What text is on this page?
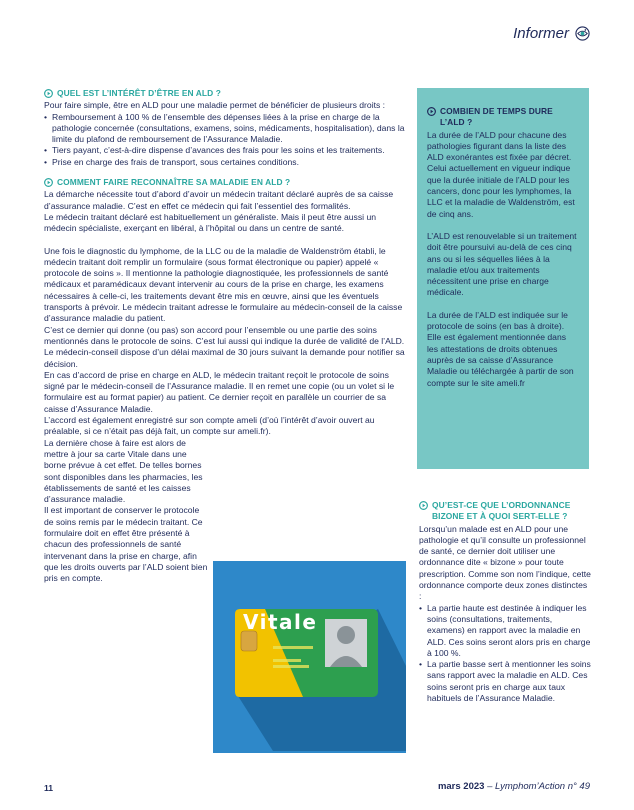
Informer
QUEL EST L’INTÉRÊT D’ÊTRE EN ALD ?

Pour faire simple, être en ALD pour une maladie permet de bénéficier de plusieurs droits :

• Remboursement à 100 % de l’ensemble des dépenses liées à la prise en charge de la pathologie concernée (consultations, examens, soins, médicaments, hospitalisation), dans la limite du plafond de remboursement de l’Assurance Maladie.
• Tiers payant, c’est-à-dire dispense d’avances des frais pour les soins et les traitements.
• Prise en charge des frais de transport, sous certaines conditions.
COMMENT FAIRE RECONNAÎTRE SA MALADIE EN ALD ?

La démarche nécessite tout d’abord d’avoir un médecin traitant déclaré auprès de sa caisse d’assurance maladie. C’est en effet ce médecin qui fait l’essentiel des formalités.

Le médecin traitant déclaré est habituellement un généraliste. Mais il peut être aussi un médecin spécialiste, exerçant en libéral, à l’hôpital ou dans un centre de santé.

Une fois le diagnostic du lymphome, de la LLC ou de la maladie de Waldenström établi, le médecin traitant doit remplir un formulaire (sous format électronique ou papier) appelé « protocole de soins ». Il mentionne la pathologie diagnostiquée, les professionnels de santé médicaux et paramédicaux devant intervenir au cours de la prise en charge, les examens nécessaires à celle-ci, les traitements devant être mis en œuvre, ainsi que les éventuels transports à prévoir. Le médecin traitant adresse le formulaire au médecin-conseil de la caisse d’assurance maladie du patient.

C’est ce dernier qui donne (ou pas) son accord pour l’ensemble ou une partie des soins mentionnés dans le protocole de soins. C’est lui aussi qui indique la durée de validité de l’ALD. Le médecin-conseil dispose d’un délai maximal de 30 jours suivant la demande pour notifier sa décision.

En cas d’accord de prise en charge en ALD, le médecin traitant reçoit le protocole de soins signé par le médecin-conseil de l’Assurance maladie. Il en remet une copie (ou un volet si le formulaire est au format papier) au patient. Ce dernier reçoit en parallèle un courrier de sa caisse d’Assurance Maladie.

L’accord est également enregistré sur son compte ameli (d’où l’intérêt d’avoir ouvert au préalable, si ce n’était pas déjà fait, un compte sur ameli.fr).

La dernière chose à faire est alors de mettre à jour sa carte Vitale dans une borne prévue à cet effet. De telles bornes sont disponibles dans les pharmacies, les établissements de santé et les caisses d’assurance maladie.

Il est important de conserver le protocole de soins remis par le médecin traitant. Ce formulaire doit en effet être présenté à chacun des professionnels de santé intervenant dans la prise en charge, afin que les droits ouverts par l’ALD soient bien pris en compte.

Vitale
COMBIEN DE TEMPS DURE L’ALD ?

La durée de l’ALD pour chacune des pathologies figurant dans la liste des ALD exonérantes est fixée par décret. Celui actuellement en vigueur indique que la durée initiale de l’ALD pour les cancers, donc pour les lymphomes, la LLC et la maladie de Waldenström, est de cinq ans.

L’ALD est renouvelable si un traitement doit être poursuivi au-delà de ces cinq ans ou si les séquelles liées à la maladie et/ou aux traitements nécessitent une prise en charge médicale.

La durée de l’ALD est indiquée sur le protocole de soins (en bas à droite). Elle est également mentionnée dans les attestations de droits obtenues auprès de sa caisse d’Assurance Maladie ou téléchargée à partir de son compte sur le site ameli.fr

QU’EST-CE QUE L’ORDONNANCE BIZONE ET À QUOI SERT-ELLE ?

Lorsqu’un malade est en ALD pour une pathologie et qu’il consulte un professionnel de santé, ce dernier doit utiliser une ordonnance dite « bizone » pour toute prescription. Comme son nom l’indique, cette ordonnance comporte deux zones distinctes :

• La partie haute est destinée à indiquer les soins (consultations, traitements, examens) en rapport avec la maladie en ALD. Ces soins seront alors pris en charge à 100 %.
• La partie basse sert à mentionner les soins sans rapport avec la maladie en ALD. Ces soins seront pris en charge aux taux habituels de l’Assurance Maladie.
11	mars 2023 – Lymphom’Action n° 49
